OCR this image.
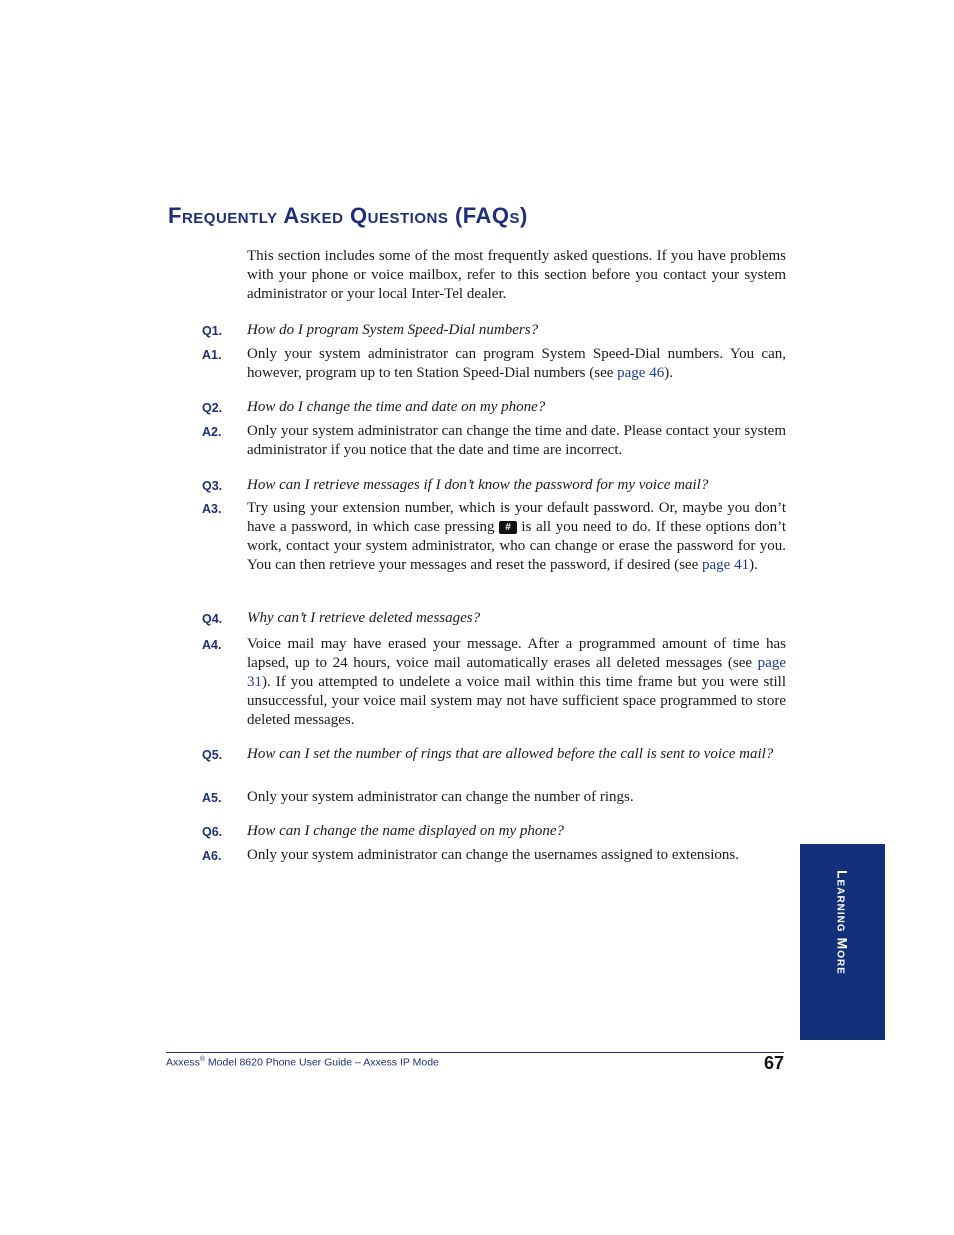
Frequently Asked Questions (FAQs)

This section includes some of the most frequently asked questions. If you have problems with your phone or voice mailbox, refer to this section before you contact your system administrator or your local Inter-Tel dealer.

Q1.	How do I program System Speed-Dial numbers?
A1.	Only your system administrator can program System Speed-Dial numbers. You can, however, program up to ten Station Speed-Dial numbers (see page 46).
Q2.	How do I change the time and date on my phone?
A2.	Only your system administrator can change the time and date. Please contact your system administrator if you notice that the date and time are incorrect.
Q3.	How can I retrieve messages if I don’t know the password for my voice mail?
A3.	Try using your extension number, which is your default password. Or, maybe you don’t have a password, in which case pressing # is all you need to do. If these options don’t work, contact your system administrator, who can change or erase the password for you. You can then retrieve your messages and reset the password, if desired (see page 41).
Q4.	Why can’t I retrieve deleted messages?
A4.	Voice mail may have erased your message. After a programmed amount of time has lapsed, up to 24 hours, voice mail automatically erases all deleted messages (see page 31). If you attempted to undelete a voice mail within this time frame but you were still unsuccessful, your voice mail system may not have sufficient space programmed to store deleted messages.
Q5.	How can I set the number of rings that are allowed before the call is sent to voice mail?
A5.	Only your system administrator can change the number of rings.
Q6.	How can I change the name displayed on my phone?
A6.	Only your system administrator can change the usernames assigned to extensions.
Learning More
Axxess® Model 8620 Phone User Guide – Axxess IP Mode	67
